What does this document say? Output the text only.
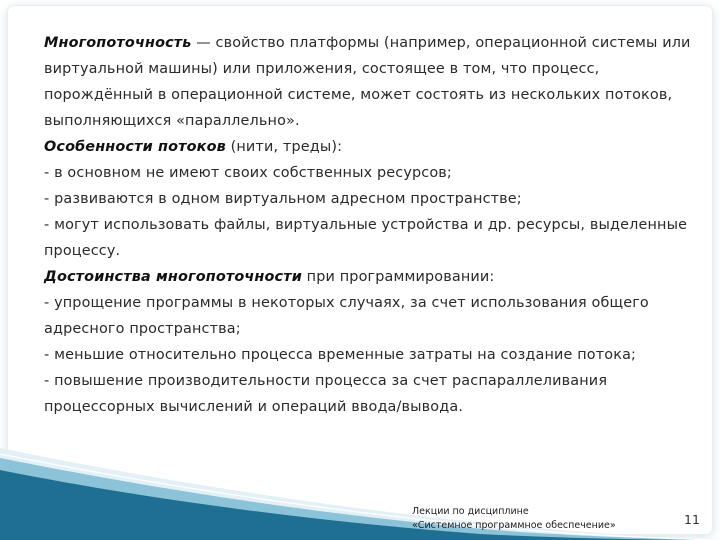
Многопоточность — свойство платформы (например, операционной системы или виртуальной машины) или приложения, состоящее в том, что процесс, порождённый в операционной системе, может состоять из нескольких потоков, выполняющихся «параллельно».

Особенности потоков (нити, треды):

- в основном не имеют своих собственных ресурсов;

- развиваются в одном виртуальном адресном пространстве;

- могут использовать файлы, виртуальные устройства и др. ресурсы, выделенные процессу.

Достоинства многопоточности при программировании:

- упрощение программы в некоторых случаях, за счет использования общего адресного пространства;

- меньшие относительно процесса временные затраты на создание потока;

- повышение производительности процесса за счет распараллеливания процессорных вычислений и операций ввода/вывода.

Лекции по дисциплине
«Системное программное обеспечение»	11
